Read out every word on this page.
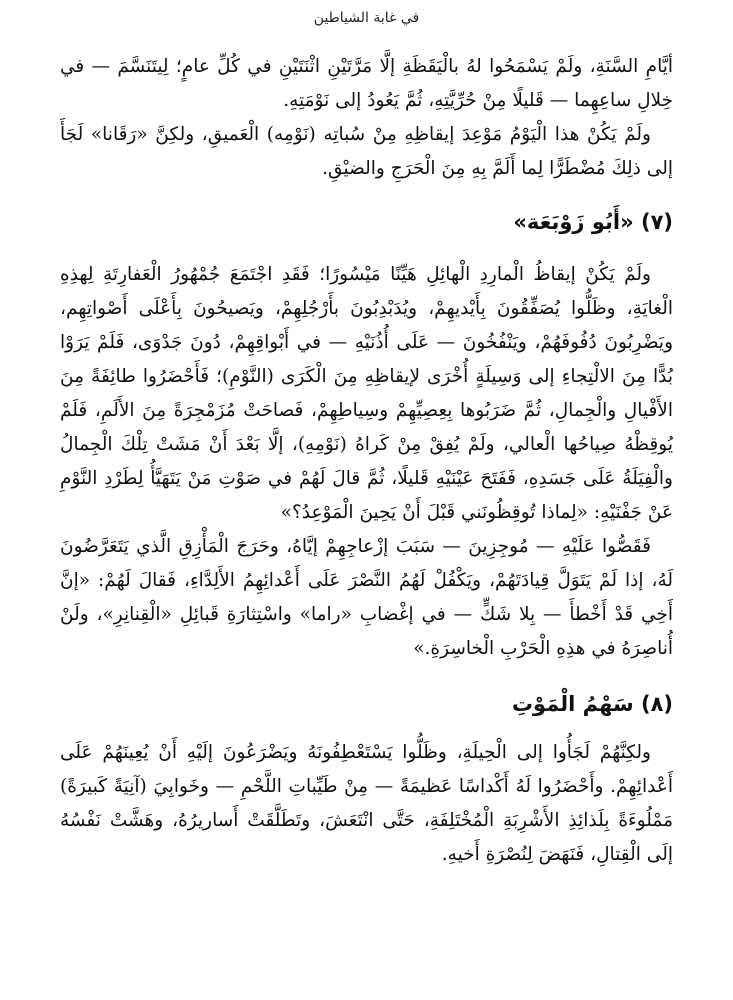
في غابة الشياطين

أيَّامِ السَّنَةِ، ولَمْ يَسْمَحُوا لهُ بالْيَقَظَةِ إلَّا مَرَّتَيْنِ اثْنَتَيْنِ في كُلِّ عامٍ؛ لِيتَنَسَّمَ — في خِلالِ ساعِهِما — قَليلًا مِنْ حُرِّيَّتِهِ، ثُمَّ يَعُودُ إلى نَوْمَتِهِ.

ولَمْ يَكُنْ هذا الْيَوْمُ مَوْعِدَ إيقاظِهِ مِنْ سُباتِه (نَوْمِه) الْعَميقِ، ولكِنَّ «رَقَانا» لَجَأَ إلى ذلِكَ مُضْطَرًّا لِما أَلَمَّ بِهِ مِنَ الْحَرَجِ والضيْقِ.

(٧) «أَبُو زَوْبَعَة»

ولَمْ يَكُنْ إيقاظُ الْمارِدِ الْهائِلِ هَيِّنًا مَيْسُورًا؛ فَقَدِ اجْتَمَعَ جُمْهُورُ الْعَفارِتَةِ لِهذِهِ الْغايَةِ، وظَلُّوا يُصَفِّقُونَ بِأَيْديهِمْ، ويُدَبْدِبُونَ بأَرْجُلِهِمْ، ويَصيحُونَ بِأَعْلَى أَصْواتِهِم، ويَضْرِبُونَ دُفُوفَهُمْ، ويَنْفُخُونَ — عَلَى أُذُنَيْهِ — في أَبْواقِهِمْ، دُونَ جَدْوَى، فَلَمْ يَرَوْا بُدًّا مِنَ الالْتِجاءِ إلى وَسِيلَةٍ أُخْرَى لإيقاظِهِ مِنَ الْكَرَى (النَّوْمِ)؛ فَأَحْضَرُوا طائِفَةً مِنَ الأَفْيالِ والْجِمالِ، ثُمَّ ضَرَبُوها بِعِصِيِّهِمْ وسِياطِهِمْ، فَصاحَتْ مُزَمْجِرَةً مِنَ الأَلَمِ، فَلَمْ يُوقِظْهُ صِياحُها الْعالي، ولَمْ يُفِقْ مِنْ كَراهُ (نَوْمِهِ)، إلَّا بَعْدَ أَنْ مَشَتْ تِلْكَ الْجِمالُ والْفِيَلَةُ عَلَى جَسَدِهِ، فَفَتَحَ عَيْنَيْهِ قَليلًا، ثُمَّ قالَ لَهُمْ في صَوْتِ مَنْ يَتَهَيَّأُ لِطَرْدِ النَّوْمِ عَنْ جَفْنَيْهِ: «لِماذا تُوقِظُونَني قَبْلَ أَنْ يَحِينَ الْمَوْعِدُ؟»

فَقَصُّوا عَلَيْهِ — مُوجِزِينَ — سَبَبَ إزْعاجِهِمْ إيَّاهُ، وحَرَجَ الْمَأْزِقِ الَّذي يَتَعَرَّضُونَ لَهُ، إذا لَمْ يَتَوَلَّ قِيادَتَهُمْ، ويَكْفُلْ لَهُمُ النَّصْرَ عَلَى أَعْدائِهِمُ الأَلِدَّاءِ، فَقالَ لَهُمْ: «إنَّ أَخِي قَدْ أَخْطأَ — بِلا شَكٍّ — في إغْضابِ «راما» واسْتِثارَةِ قَبائِلِ «الْقِنانِرِ»، ولَنْ أُناصِرَهُ في هذِهِ الْحَرْبِ الْخاسِرَةِ.»

(٨) سَهْمُ الْمَوْتِ

ولكِنَّهُمْ لَجَأُوا إلى الْحِيلَةِ، وظَلُّوا يَسْتَعْطِفُونَهُ ويَضْرَعُونَ إلَيْهِ أَنْ يُعِينَهُمْ عَلَى أَعْدائِهِمْ. وأَحْضَرُوا لَهُ أَكْداسًا عَظيمَةً — مِنْ طَيِّباتِ اللَّحْمِ — وخَوابِيَ (آنِيَةً كَبيرَةً) مَمْلُوءَةً بِلَذائِذِ الأَشْرِبَةِ الْمُخْتَلِفَةِ، حَتَّى انْتَعَشَ، وتَطَلَّقَتْ أَساريرُهُ، وهَشَّتْ نَفْسُهُ إلَى الْقِتالِ، فَنَهَضَ لِنُصْرَةِ أَخيهِ.
